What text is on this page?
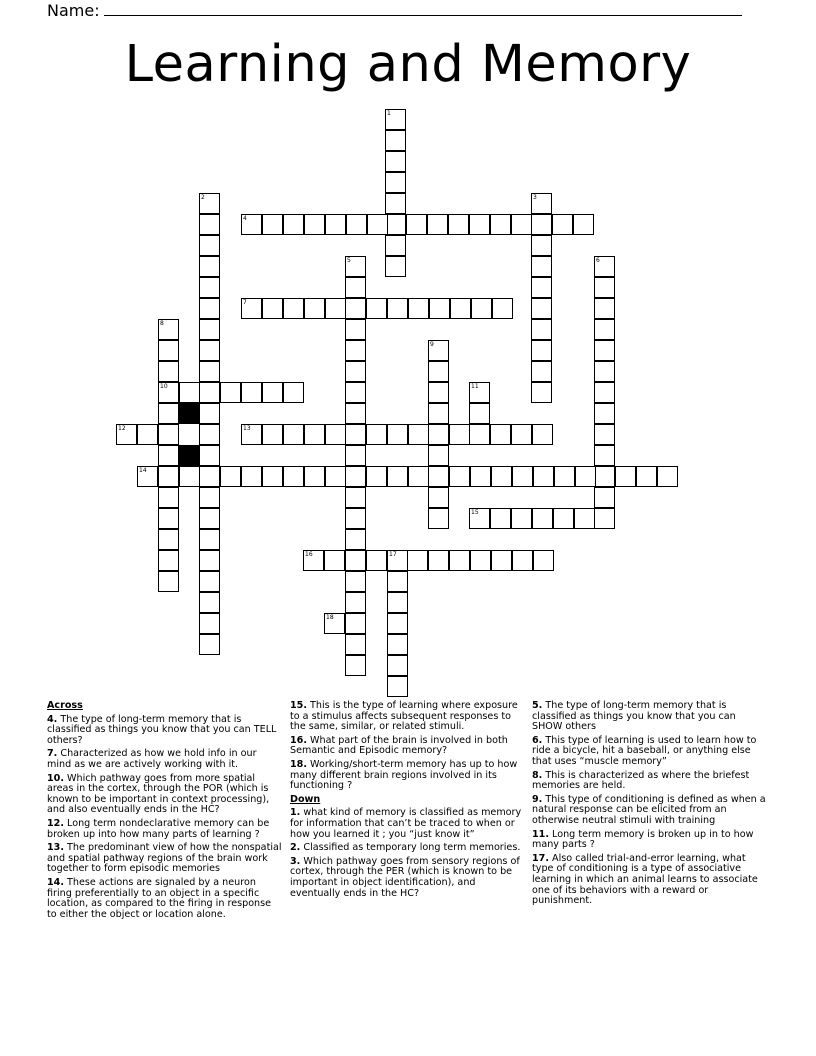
Name:
Learning and Memory
1
2	3
4
5	6
7
8
9
10	11
12	13
14
15
16	17
18

Across

4. The type of long-term memory that is classified as things you know that you can TELL others?

7. Characterized as how we hold info in our mind as we are actively working with it.

10. Which pathway goes from more spatial areas in the cortex, through the POR (which is known to be important in context processing), and also eventually ends in the HC?

12. Long term nondeclarative memory can be broken up into how many parts of learning ?

13. The predominant view of how the nonspatial and spatial pathway regions of the brain work together to form episodic memories

14. These actions are signaled by a neuron firing preferentially to an object in a specific location, as compared to the firing in response to either the object or location alone.

15. This is the type of learning where exposure to a stimulus affects subsequent responses to the same, similar, or related stimuli.

16. What part of the brain is involved in both Semantic and Episodic memory?

18. Working/short-term memory has up to how many different brain regions involved in its functioning ?

Down

1. what kind of memory is classified as memory for information that can’t be traced to when or how you learned it ; you “just know it”

2. Classified as temporary long term memories.

3. Which pathway goes from sensory regions of cortex, through the PER (which is known to be important in object identification), and eventually ends in the HC?

5. The type of long-term memory that is classified as things you know that you can SHOW others

6. This type of learning is used to learn how to ride a bicycle, hit a baseball, or anything else that uses “muscle memory”

8. This is characterized as where the briefest memories are held.

9. This type of conditioning is defined as when a natural response can be elicited from an otherwise neutral stimuli with training

11. Long term memory is broken up in to how many parts ?

17. Also called trial-and-error learning, what type of conditioning is a type of associative learning in which an animal learns to associate one of its behaviors with a reward or punishment.
